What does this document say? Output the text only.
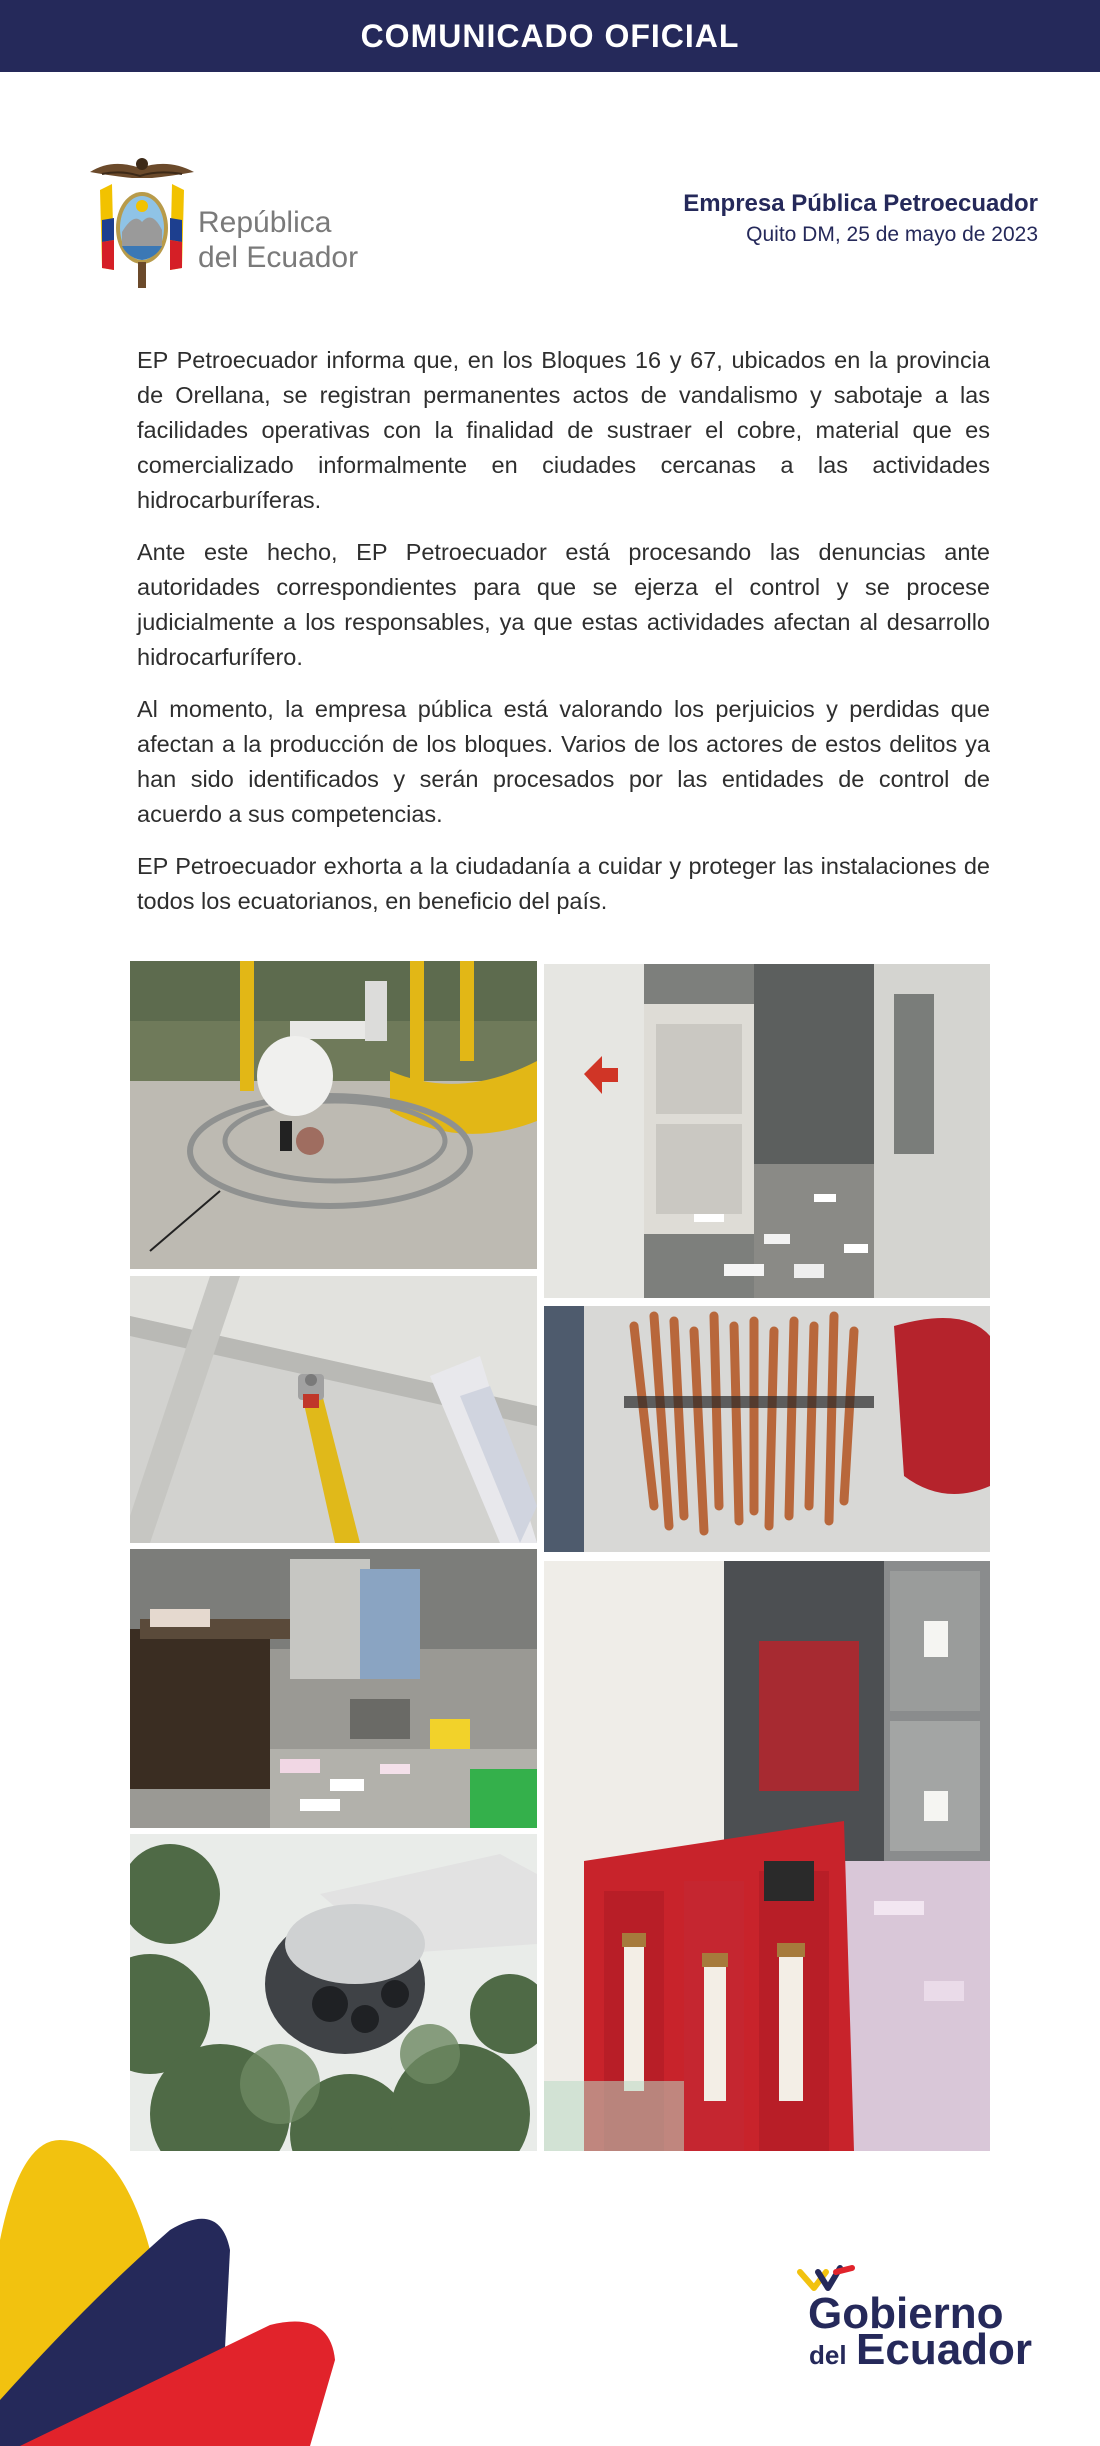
COMUNICADO OFICIAL
República
del Ecuador
Empresa Pública Petroecuador
Quito DM, 25 de mayo de 2023

EP Petroecuador informa que, en los Bloques 16 y 67, ubicados en la provincia de Orellana, se registran permanentes actos de vandalismo y sabotaje a las facilidades operativas con la finalidad de sustraer el cobre, material que es comercializado informalmente en ciudades cercanas a las actividades hidrocarburíferas.

Ante este hecho, EP Petroecuador está procesando las denuncias ante autoridades correspondientes para que se ejerza el control y se procese judicialmente a los responsables, ya que estas actividades afectan al desarrollo hidrocarfurífero.

Al momento, la empresa pública está valorando los perjuicios y perdidas que afectan a la producción de los bloques. Varios de los actores de estos delitos ya han sido identificados y serán procesados por las entidades de control de acuerdo a sus competencias.

EP Petroecuador exhorta a la ciudadanía a cuidar y proteger las instalaciones de todos los ecuatorianos, en beneficio del país.

Gobierno
del Ecuador
